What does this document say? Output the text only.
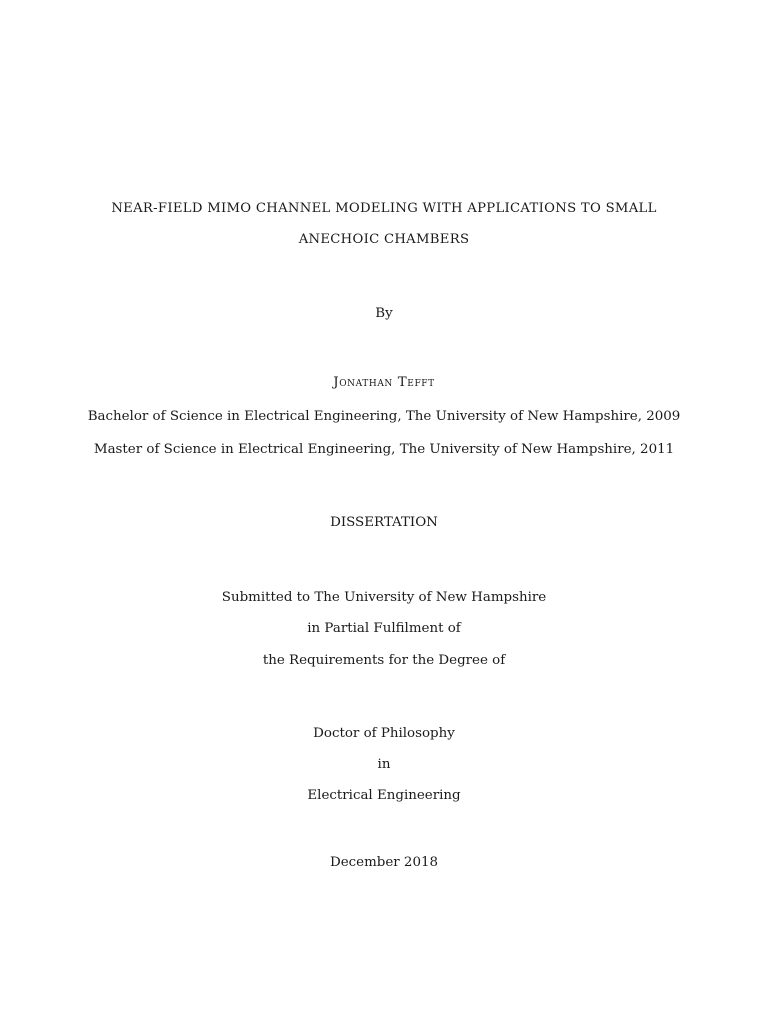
NEAR-FIELD MIMO CHANNEL MODELING WITH APPLICATIONS TO SMALL
ANECHOIC CHAMBERS
By
Jonathan Tefft
Bachelor of Science in Electrical Engineering, The University of New Hampshire, 2009
Master of Science in Electrical Engineering, The University of New Hampshire, 2011
DISSERTATION
Submitted to The University of New Hampshire
in Partial Fulfilment of
the Requirements for the Degree of
Doctor of Philosophy
in
Electrical Engineering
December 2018
